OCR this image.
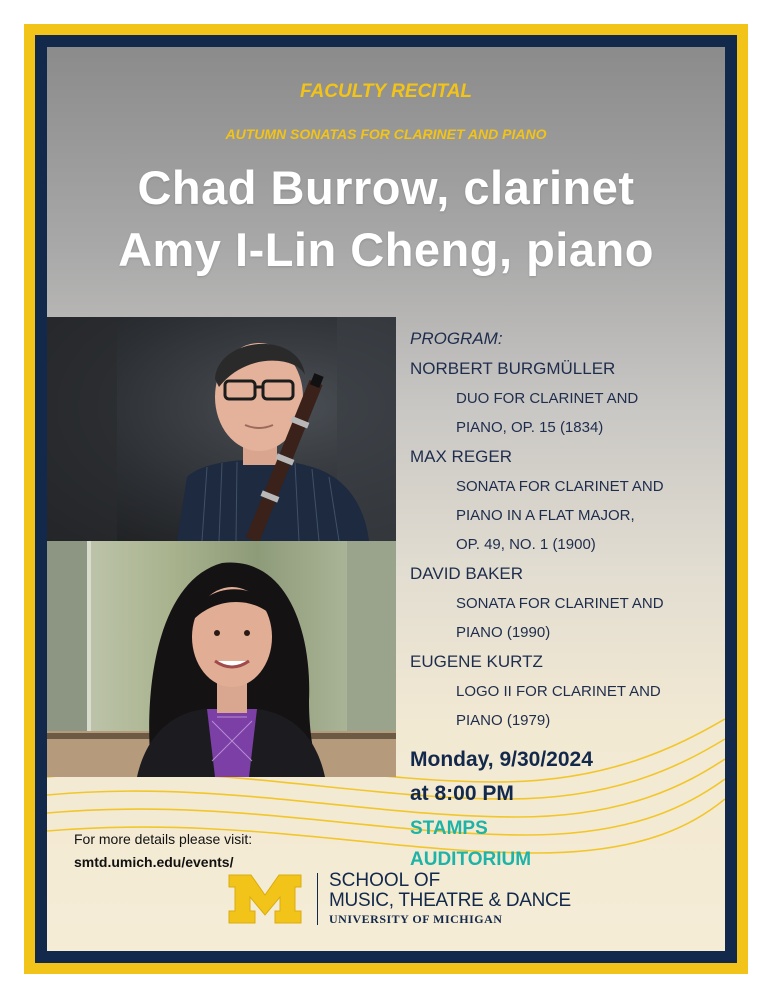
FACULTY RECITAL
AUTUMN SONATAS FOR CLARINET AND PIANO
Chad Burrow, clarinet
Amy I-Lin Cheng, piano
PROGRAM:
NORBERT BURGMÜLLER
DUO FOR CLARINET AND
PIANO, OP. 15 (1834)
MAX REGER
SONATA FOR CLARINET AND
PIANO IN A FLAT MAJOR,
OP. 49, NO. 1 (1900)
DAVID BAKER
SONATA FOR CLARINET AND
PIANO (1990)
EUGENE KURTZ
LOGO II FOR CLARINET AND
PIANO (1979)
Monday, 9/30/2024
at 8:00 PM
STAMPS
AUDITORIUM
For more details please visit:
smtd.umich.edu/events/
SCHOOL OF
MUSIC, THEATRE & DANCE
UNIVERSITY OF MICHIGAN
